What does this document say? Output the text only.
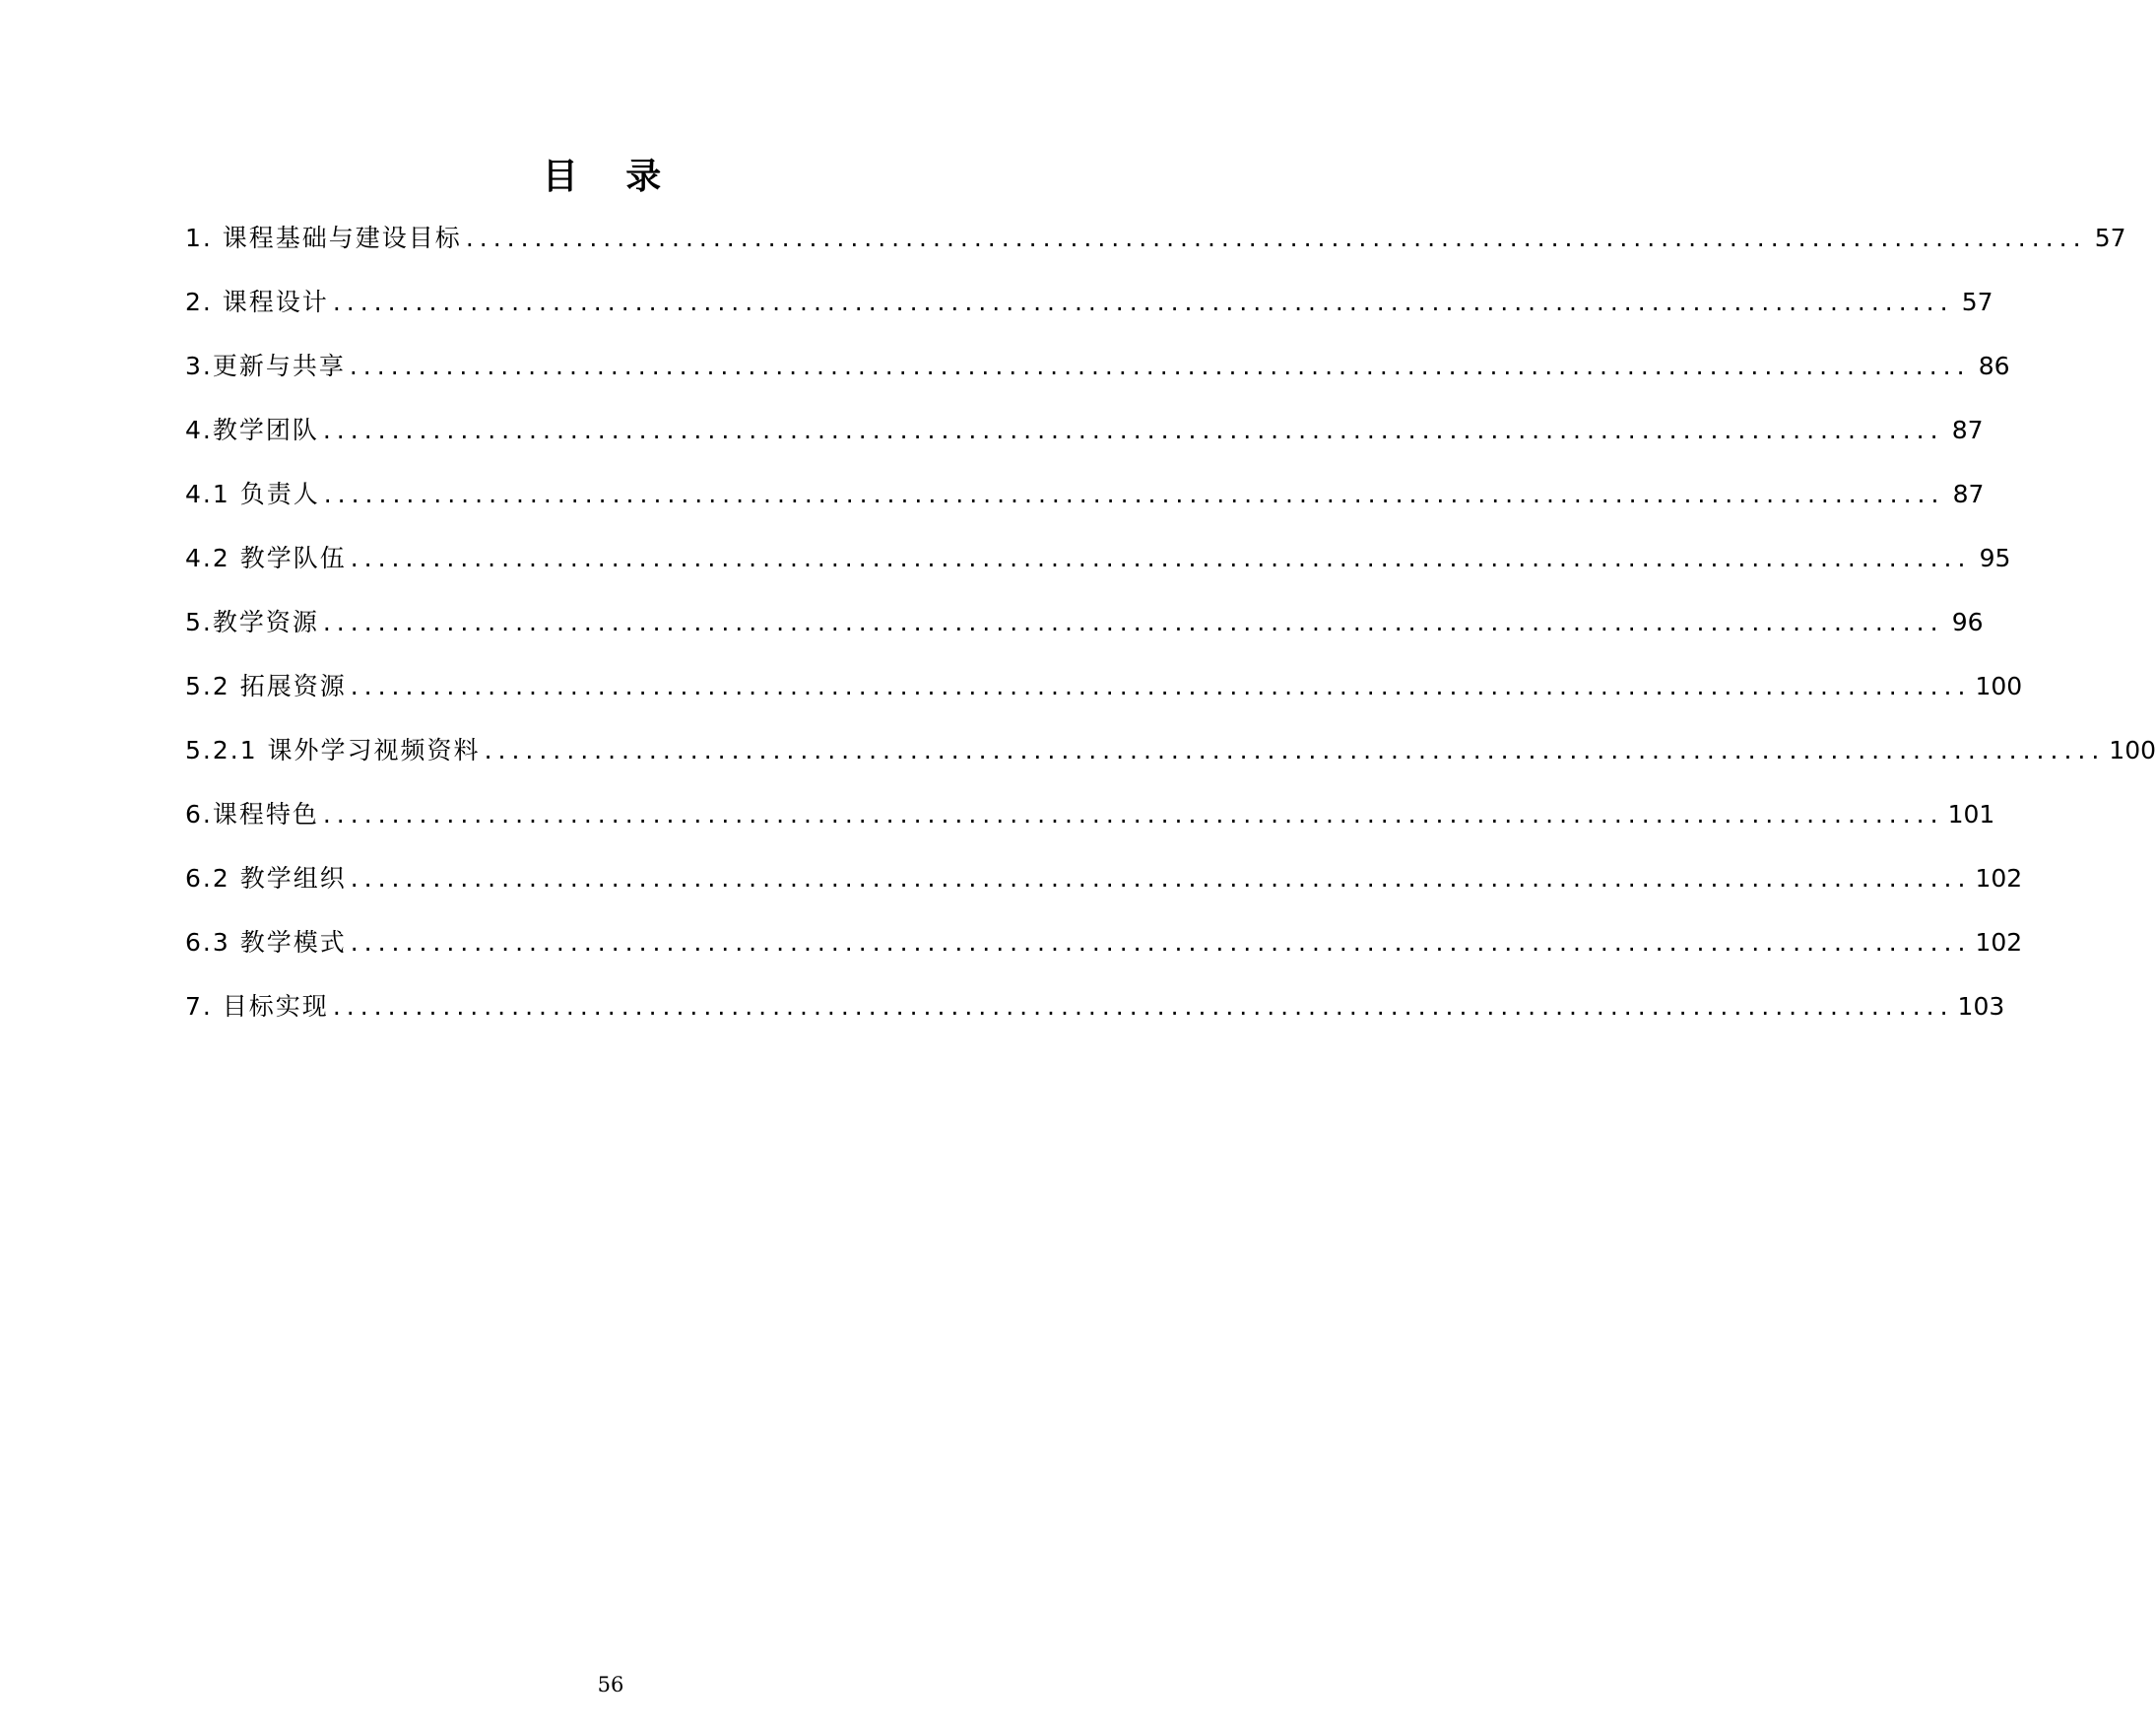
目 录
1. 课程基础与建设目标 ...................................................................................................................... 57
2. 课程设计 ...................................................................................................................... 57
3.更新与共享 ...................................................................................................................... 86
4.教学团队 ...................................................................................................................... 87
4.1 负责人 ...................................................................................................................... 87
4.2 教学队伍 ...................................................................................................................... 95
5.教学资源 ...................................................................................................................... 96
5.2 拓展资源 ...................................................................................................................... 100
5.2.1 课外学习视频资料 ...................................................................................................................... 100
6.课程特色 ...................................................................................................................... 101
6.2 教学组织 ...................................................................................................................... 102
6.3 教学模式 ...................................................................................................................... 102
7. 目标实现 ...................................................................................................................... 103
56
